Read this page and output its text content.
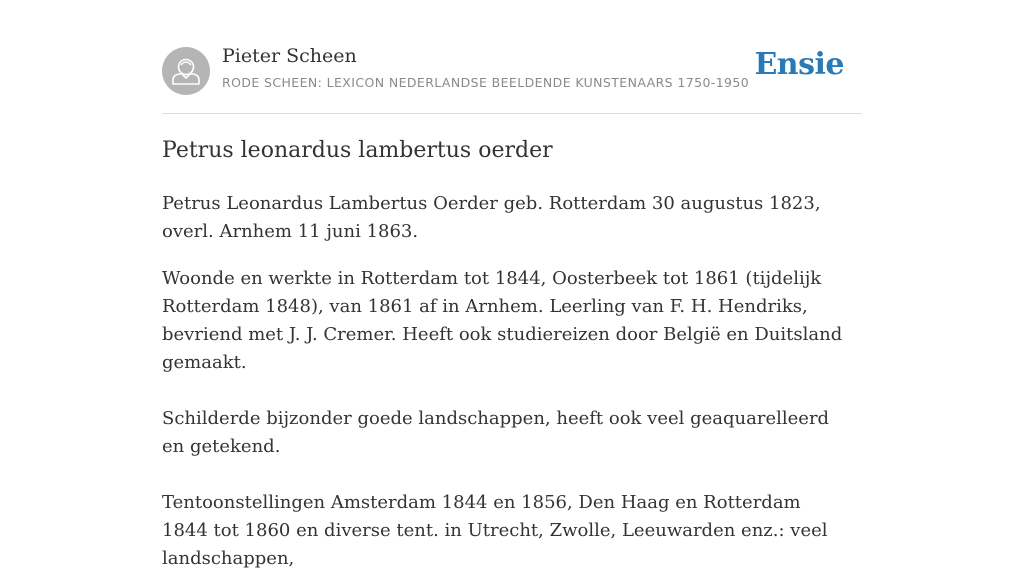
Pieter Scheen
RODE SCHEEN: LEXICON NEDERLANDSE BEELDENDE KUNSTENAARS 1750-1950
Ensie
Petrus leonardus lambertus oerder

Petrus Leonardus Lambertus Oerder geb. Rotterdam 30 augustus 1823, overl. Arnhem 11 juni 1863.

Woonde en werkte in Rotterdam tot 1844, Oosterbeek tot 1861 (tijdelijk Rotterdam 1848), van 1861 af in Arnhem. Leerling van F. H. Hendriks, bevriend met J. J. Cremer. Heeft ook studiereizen door België en Duitsland gemaakt.

Schilderde bijzonder goede landschappen, heeft ook veel geaquarelleerd en getekend.

Tentoonstellingen Amsterdam 1844 en 1856, Den Haag en Rotterdam 1844 tot 1860 en diverse tent. in Utrecht, Zwolle, Leeuwarden enz.: veel landschappen,
